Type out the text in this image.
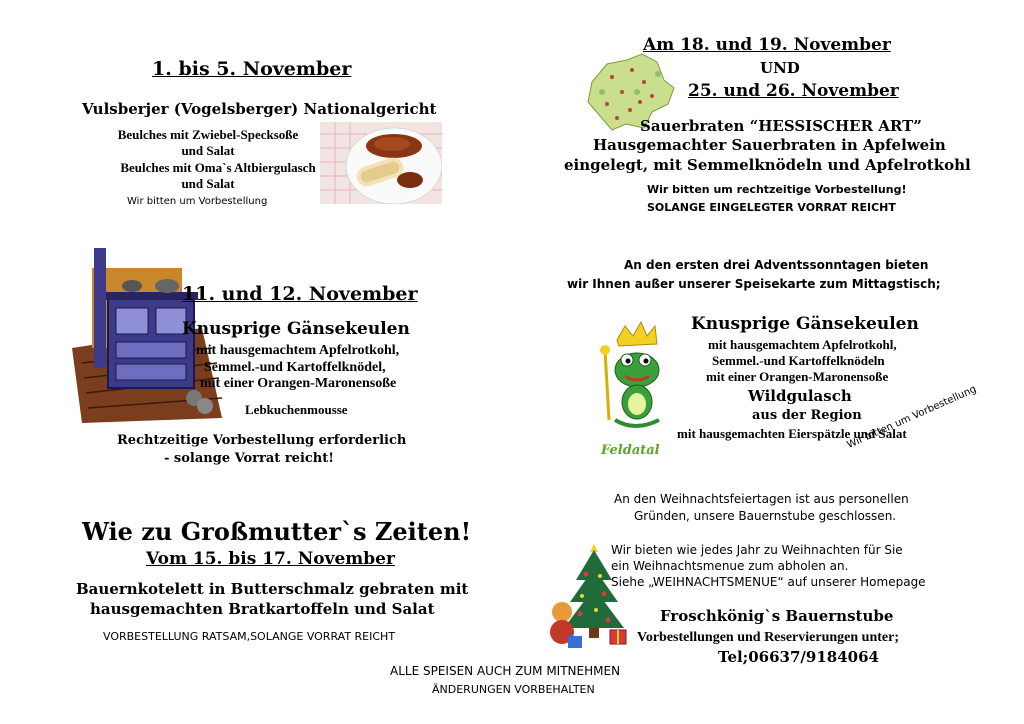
1. bis 5. November
Vulsberjer (Vogelsberger) Nationalgericht
Beulches mit Zwiebel-Specksoße
und Salat
Beulches mit Oma`s Altbiergulasch
und Salat
Wir bitten um Vorbestellung
11. und 12. November
Knusprige Gänsekeulen
mit hausgemachtem Apfelrotkohl,
Semmel.-und Kartoffelknödel,
mit einer Orangen-Maronensoße
Lebkuchenmousse
Rechtzeitige Vorbestellung erforderlich
- solange Vorrat reicht!
Wie zu Großmutter`s Zeiten!
Vom 15. bis 17. November
Bauernkotelett in Butterschmalz gebraten mit
hausgemachten Bratkartoffeln und Salat
VORBESTELLUNG RATSAM,SOLANGE VORRAT REICHT
Am 18. und 19. November
UND
25. und 26. November
Sauerbraten “HESSISCHER ART”
Hausgemachter Sauerbraten in Apfelwein
eingelegt, mit Semmelknödeln und Apfelrotkohl
Wir bitten um rechtzeitige Vorbestellung!
SOLANGE EINGELEGTER VORRAT REICHT
An den ersten drei Adventssonntagen bieten
wir Ihnen außer unserer Speisekarte zum Mittagstisch;
Feldatal
Knusprige Gänsekeulen
mit hausgemachtem Apfelrotkohl,
Semmel.-und Kartoffelknödeln
mit einer Orangen-Maronensoße
Wildgulasch
aus der Region
mit hausgemachten Eierspätzle und Salat
Wir bitten um Vorbestellung
An den Weihnachtsfeiertagen ist aus personellen
Gründen, unsere Bauernstube geschlossen.
Wir bieten wie jedes Jahr zu Weihnachten für Sie
ein Weihnachtsmenue zum abholen an.
Siehe „WEIHNACHTSMENUE“ auf unserer Homepage
Froschkönig`s Bauernstube
Vorbestellungen und Reservierungen unter;
Tel;06637/9184064
ALLE SPEISEN AUCH ZUM MITNEHMEN
ÄNDERUNGEN VORBEHALTEN
